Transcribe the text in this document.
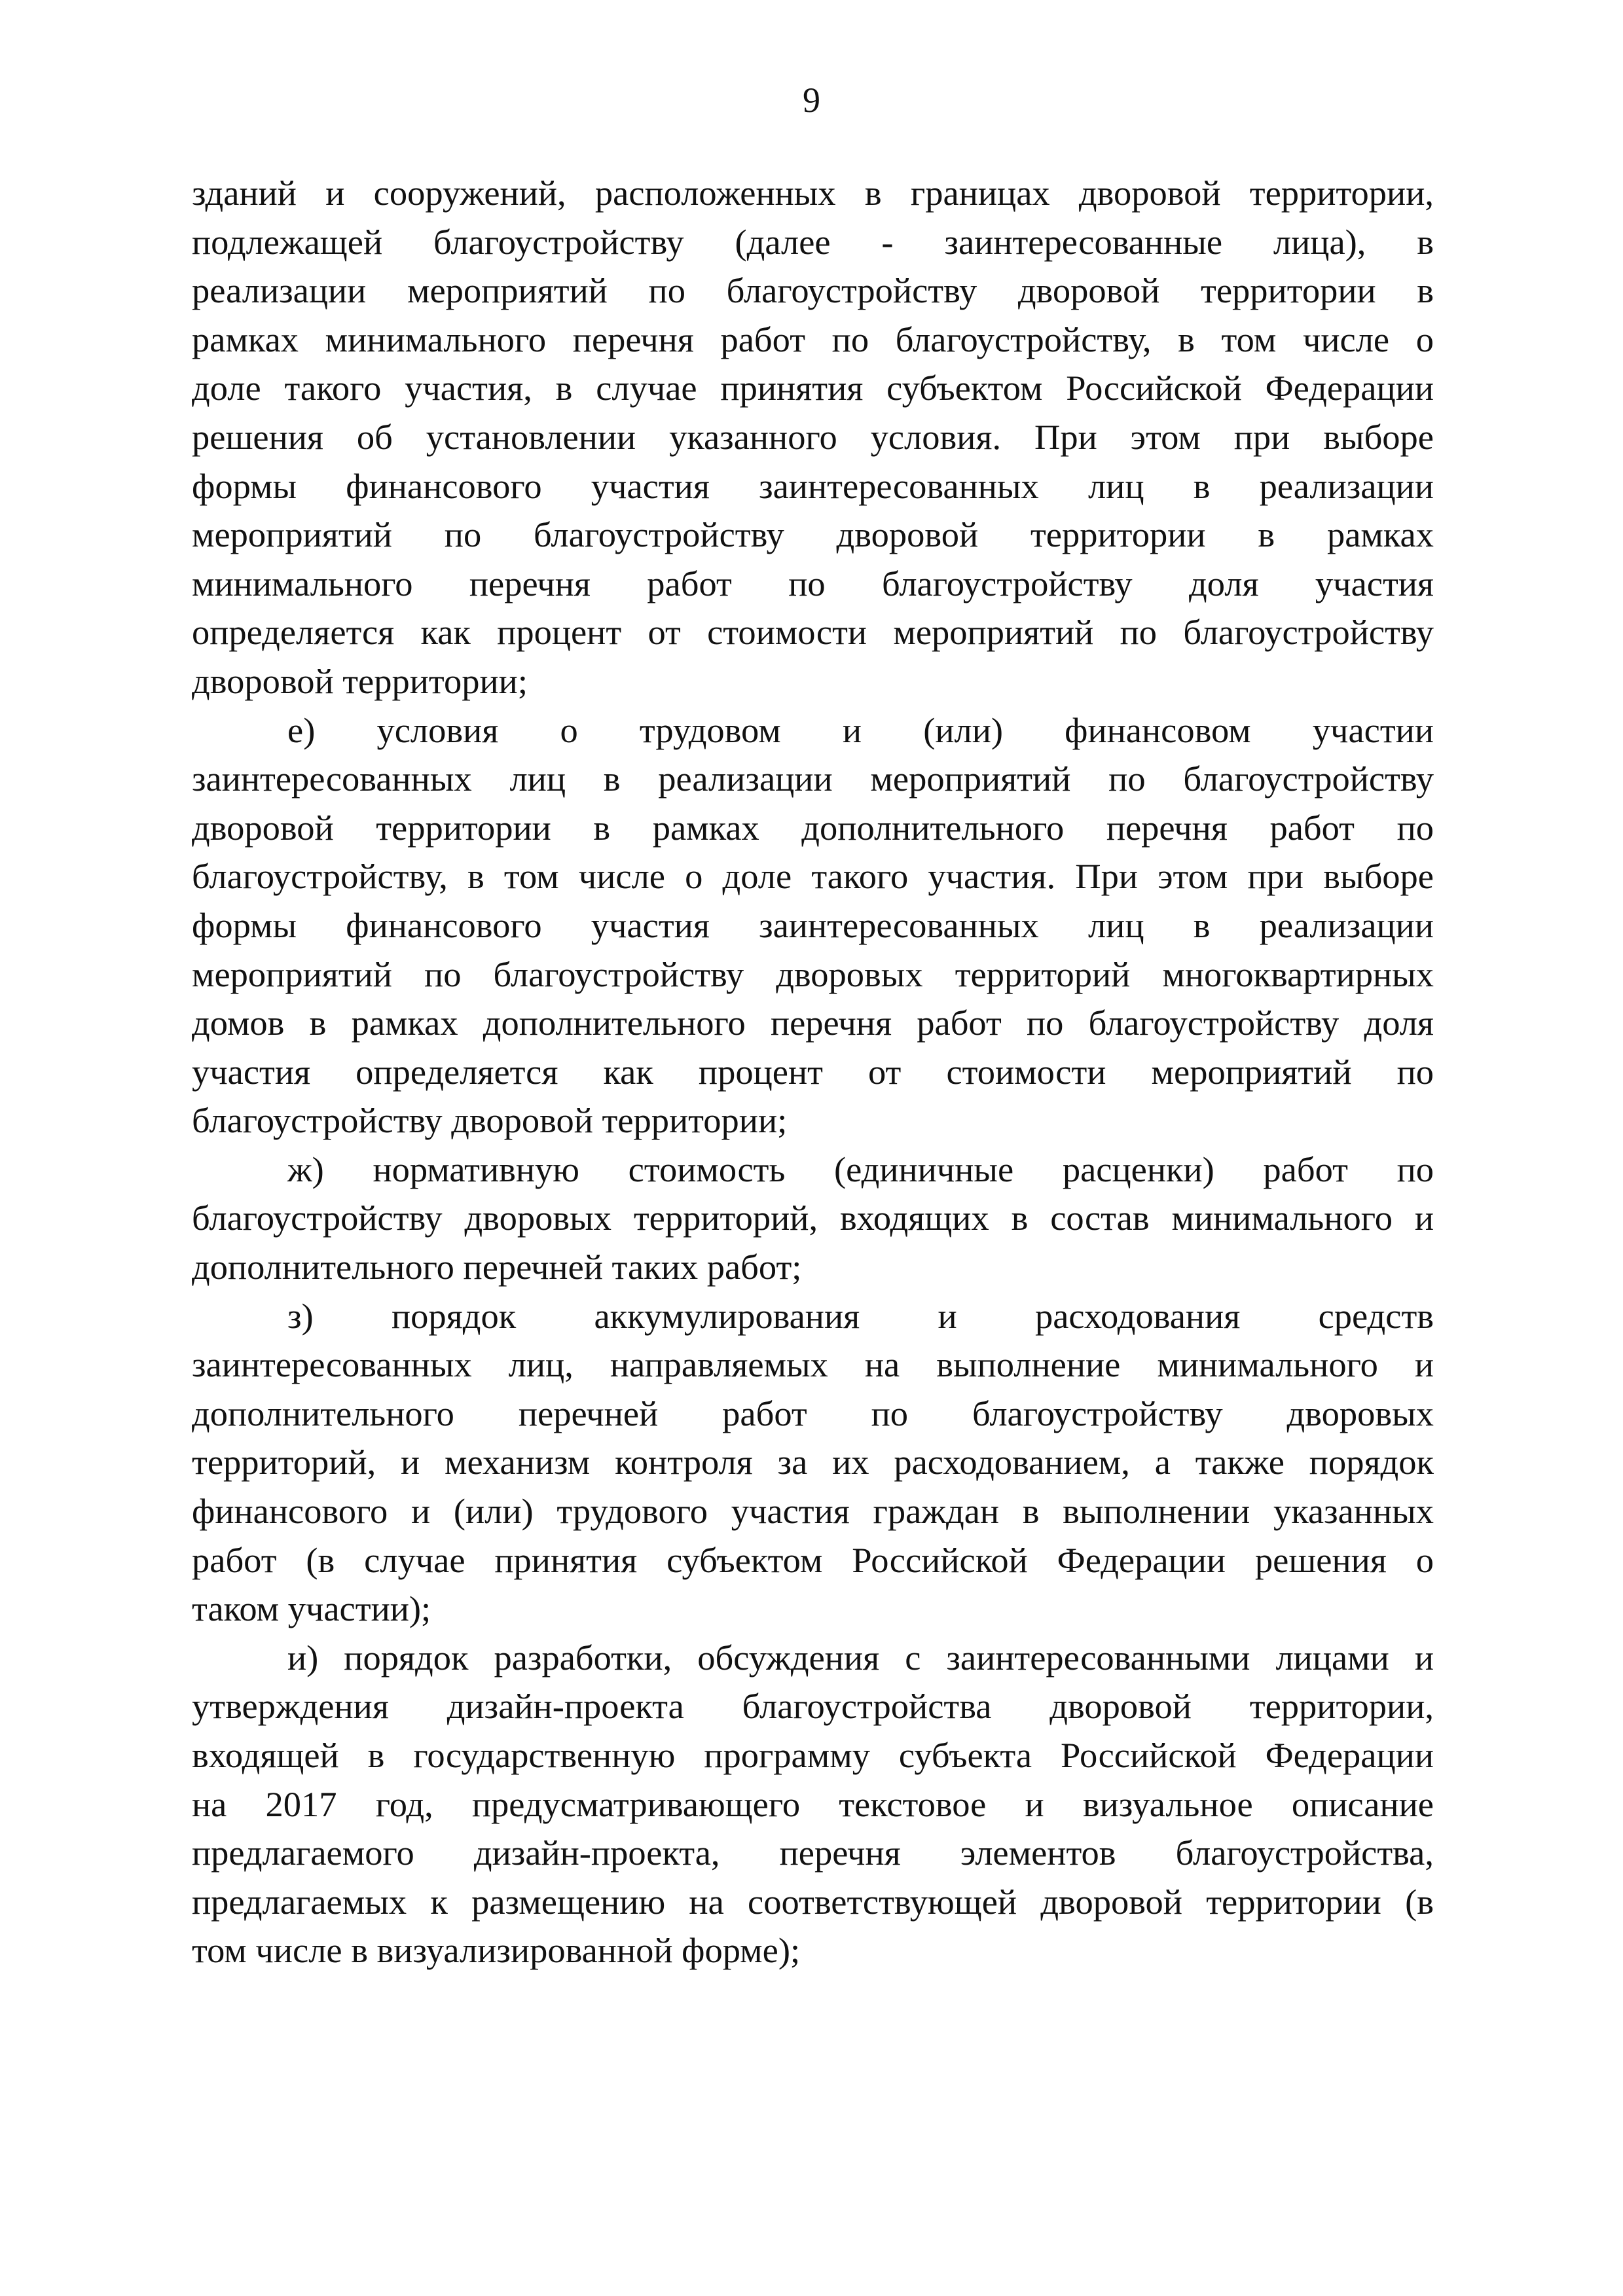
9
зданий и сооружений, расположенных в границах дворовой территории,
подлежащей благоустройству (далее - заинтересованные лица), в
реализации мероприятий по благоустройству дворовой территории в
рамках минимального перечня работ по благоустройству, в том числе о
доле такого участия, в случае принятия субъектом Российской Федерации
решения об установлении указанного условия. При этом при выборе
формы финансового участия заинтересованных лиц в реализации
мероприятий по благоустройству дворовой территории в рамках
минимального перечня работ по благоустройству доля участия
определяется как процент от стоимости мероприятий по благоустройству
дворовой территории;
е) условия о трудовом и (или) финансовом участии
заинтересованных лиц в реализации мероприятий по благоустройству
дворовой территории в рамках дополнительного перечня работ по
благоустройству, в том числе о доле такого участия. При этом при выборе
формы финансового участия заинтересованных лиц в реализации
мероприятий по благоустройству дворовых территорий многоквартирных
домов в рамках дополнительного перечня работ по благоустройству доля
участия определяется как процент от стоимости мероприятий по
благоустройству дворовой территории;
ж) нормативную стоимость (единичные расценки) работ по
благоустройству дворовых территорий, входящих в состав минимального и
дополнительного перечней таких работ;
з) порядок аккумулирования и расходования средств
заинтересованных лиц, направляемых на выполнение минимального и
дополнительного перечней работ по благоустройству дворовых
территорий, и механизм контроля за их расходованием, а также порядок
финансового и (или) трудового участия граждан в выполнении указанных
работ (в случае принятия субъектом Российской Федерации решения о
таком участии);
и) порядок разработки, обсуждения с заинтересованными лицами и
утверждения дизайн-проекта благоустройства дворовой территории,
входящей в государственную программу субъекта Российской Федерации
на 2017 год, предусматривающего текстовое и визуальное описание
предлагаемого дизайн-проекта, перечня элементов благоустройства,
предлагаемых к размещению на соответствующей дворовой территории (в
том числе в визуализированной форме);
